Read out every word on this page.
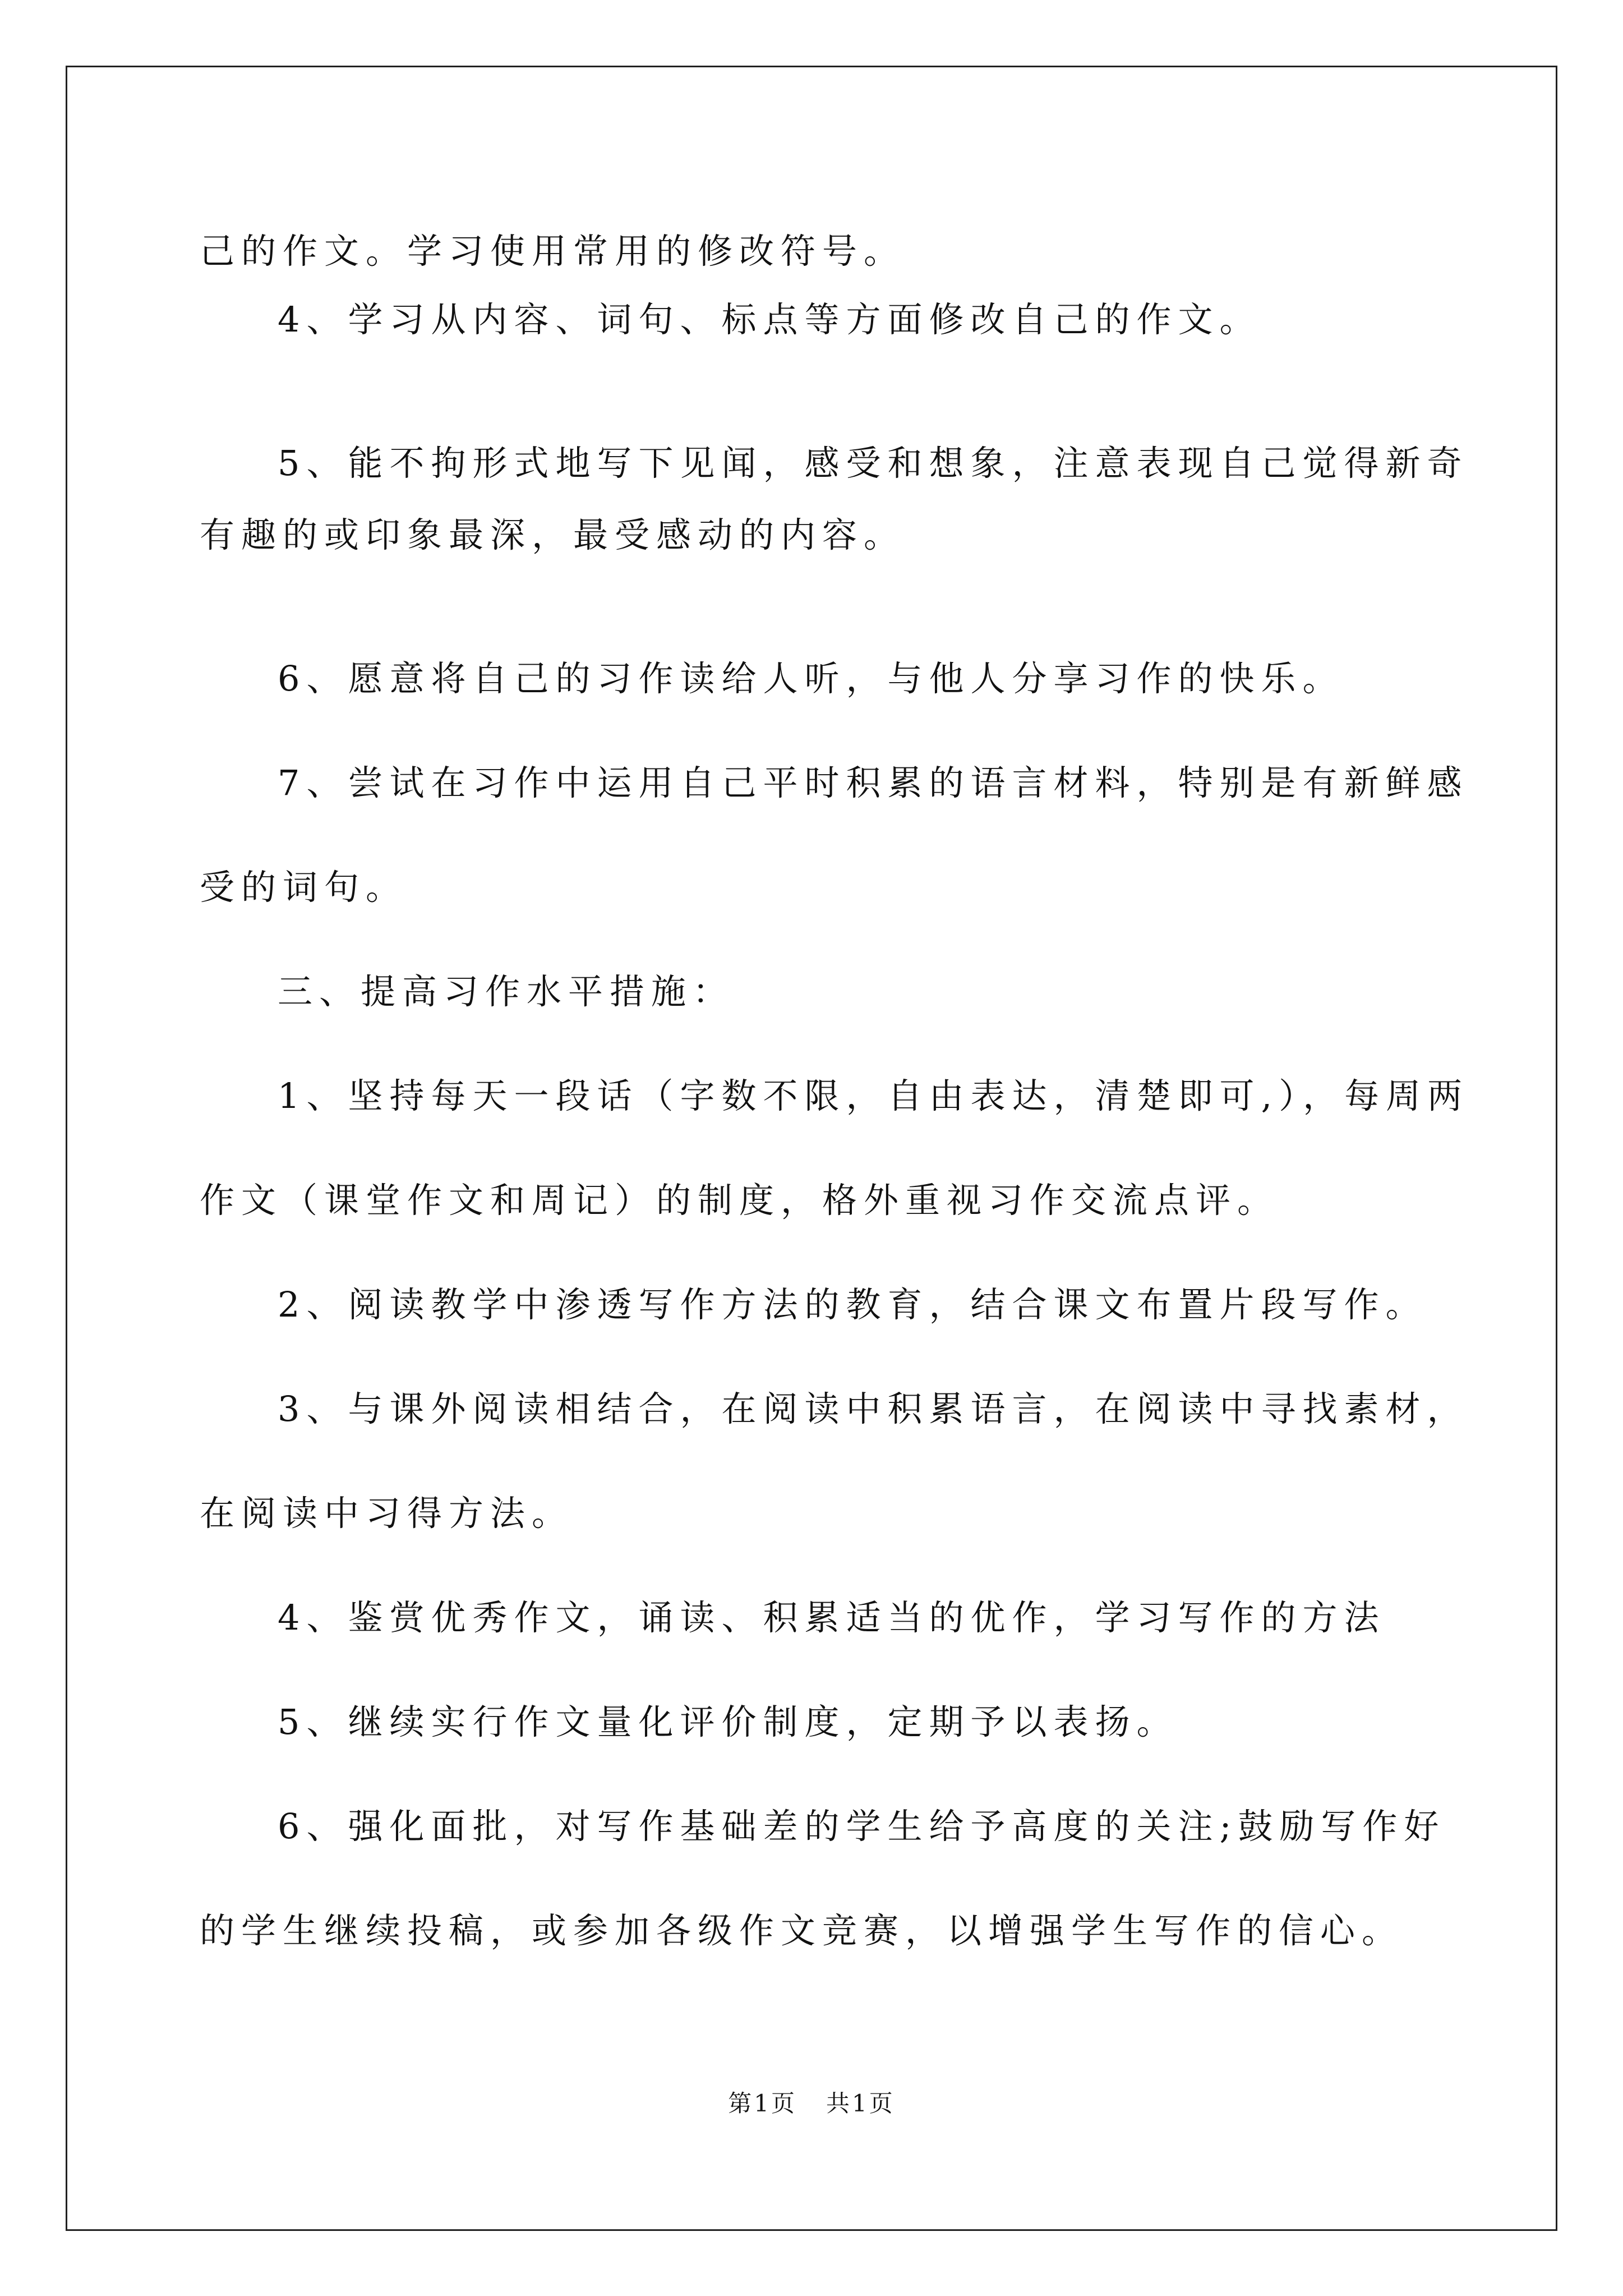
己的作文。学习使用常用的修改符号。

4、学习从内容、词句、标点等方面修改自己的作文。

5、能不拘形式地写下见闻，感受和想象，注意表现自己觉得新奇

有趣的或印象最深，最受感动的内容。

6、愿意将自己的习作读给人听，与他人分享习作的快乐。

7、尝试在习作中运用自己平时积累的语言材料，特别是有新鲜感

受的词句。

三、提高习作水平措施：

1、坚持每天一段话（字数不限，自由表达，清楚即可,），每周两

作文（课堂作文和周记）的制度，格外重视习作交流点评。

2、阅读教学中渗透写作方法的教育，结合课文布置片段写作。

3、与课外阅读相结合，在阅读中积累语言，在阅读中寻找素材，

在阅读中习得方法。

4、鉴赏优秀作文，诵读、积累适当的优作，学习写作的方法

5、继续实行作文量化评价制度，定期予以表扬。

6、强化面批，对写作基础差的学生给予高度的关注;鼓励写作好

的学生继续投稿，或参加各级作文竞赛，以增强学生写作的信心。

第1页   共1页
